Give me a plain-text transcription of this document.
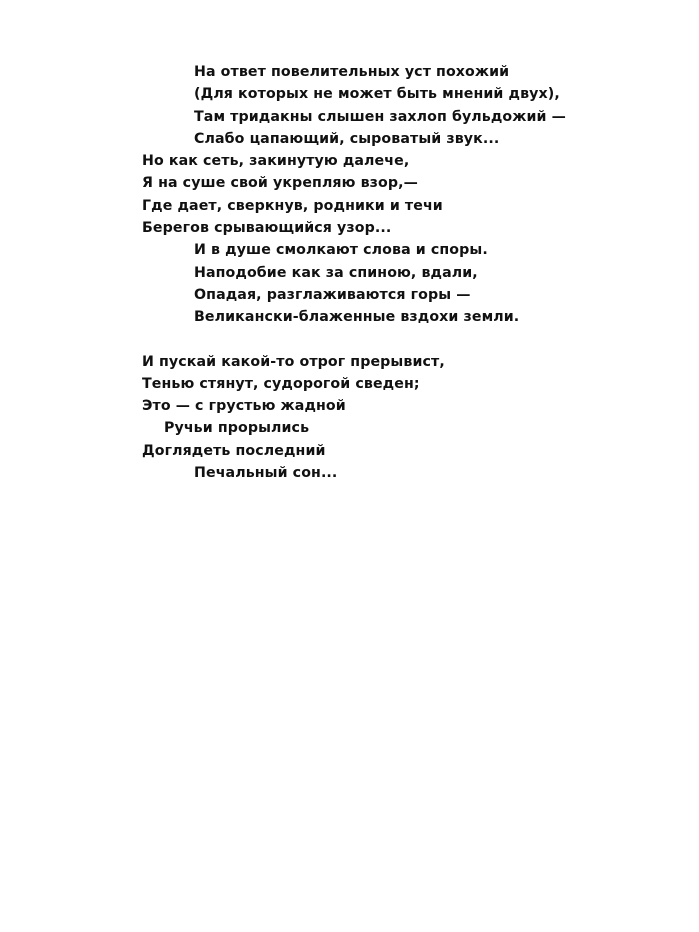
На ответ повелительных уст похожий
(Для которых не может быть мнений двух),
Там тридакны слышен захлоп бульдожий —
Слабо цапающий, сыроватый звук...
Но как сеть, закинутую далече,
Я на суше свой укрепляю взор,—
Где дает, сверкнув, родники и течи
Берегов срывающийся узор...
И в душе смолкают слова и споры.
Наподобие как за спиною, вдали,
Опадая, разглаживаются горы —
Великански-блаженные вздохи земли.
И пускай какой-то отрог прерывист,
Тенью стянут, судорогой сведен;
Это — с грустью жадной
Ручьи прорылись
Доглядеть последний
Печальный сон...
